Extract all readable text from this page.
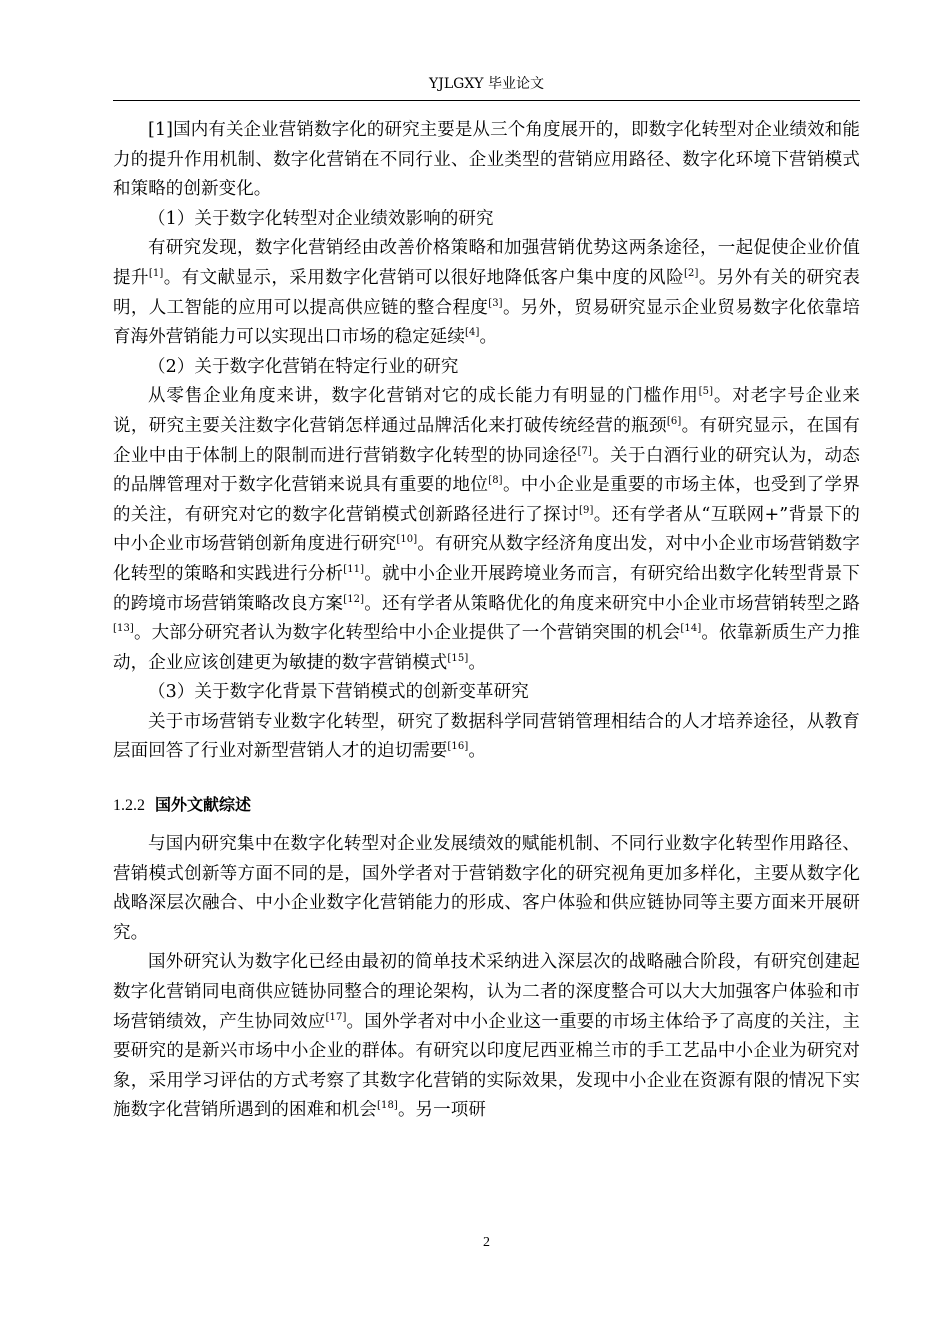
YJLGXY 毕业论文

[1]国内有关企业营销数字化的研究主要是从三个角度展开的，即数字化转型对企业绩效和能力的提升作用机制、数字化营销在不同行业、企业类型的营销应用路径、数字化环境下营销模式和策略的创新变化。

（1）关于数字化转型对企业绩效影响的研究

有研究发现，数字化营销经由改善价格策略和加强营销优势这两条途径，一起促使企业价值提升[1]。有文献显示，采用数字化营销可以很好地降低客户集中度的风险[2]。另外有关的研究表明，人工智能的应用可以提高供应链的整合程度[3]。另外，贸易研究显示企业贸易数字化依靠培育海外营销能力可以实现出口市场的稳定延续[4]。

（2）关于数字化营销在特定行业的研究

从零售企业角度来讲，数字化营销对它的成长能力有明显的门槛作用[5]。对老字号企业来说，研究主要关注数字化营销怎样通过品牌活化来打破传统经营的瓶颈[6]。有研究显示，在国有企业中由于体制上的限制而进行营销数字化转型的协同途径[7]。关于白酒行业的研究认为，动态的品牌管理对于数字化营销来说具有重要的地位[8]。中小企业是重要的市场主体，也受到了学界的关注，有研究对它的数字化营销模式创新路径进行了探讨[9]。还有学者从“互联网+”背景下的中小企业市场营销创新角度进行研究[10]。有研究从数字经济角度出发，对中小企业市场营销数字化转型的策略和实践进行分析[11]。就中小企业开展跨境业务而言，有研究给出数字化转型背景下的跨境市场营销策略改良方案[12]。还有学者从策略优化的角度来研究中小企业市场营销转型之路[13]。大部分研究者认为数字化转型给中小企业提供了一个营销突围的机会[14]。依靠新质生产力推动，企业应该创建更为敏捷的数字营销模式[15]。

（3）关于数字化背景下营销模式的创新变革研究

关于市场营销专业数字化转型，研究了数据科学同营销管理相结合的人才培养途径，从教育层面回答了行业对新型营销人才的迫切需要[16]。

1.2.2 国外文献综述

与国内研究集中在数字化转型对企业发展绩效的赋能机制、不同行业数字化转型作用路径、营销模式创新等方面不同的是，国外学者对于营销数字化的研究视角更加多样化，主要从数字化战略深层次融合、中小企业数字化营销能力的形成、客户体验和供应链协同等主要方面来开展研究。

国外研究认为数字化已经由最初的简单技术采纳进入深层次的战略融合阶段，有研究创建起数字化营销同电商供应链协同整合的理论架构，认为二者的深度整合可以大大加强客户体验和市场营销绩效，产生协同效应[17]。国外学者对中小企业这一重要的市场主体给予了高度的关注，主要研究的是新兴市场中小企业的群体。有研究以印度尼西亚棉兰市的手工艺品中小企业为研究对象，采用学习评估的方式考察了其数字化营销的实际效果，发现中小企业在资源有限的情况下实施数字化营销所遇到的困难和机会[18]。另一项研

2
